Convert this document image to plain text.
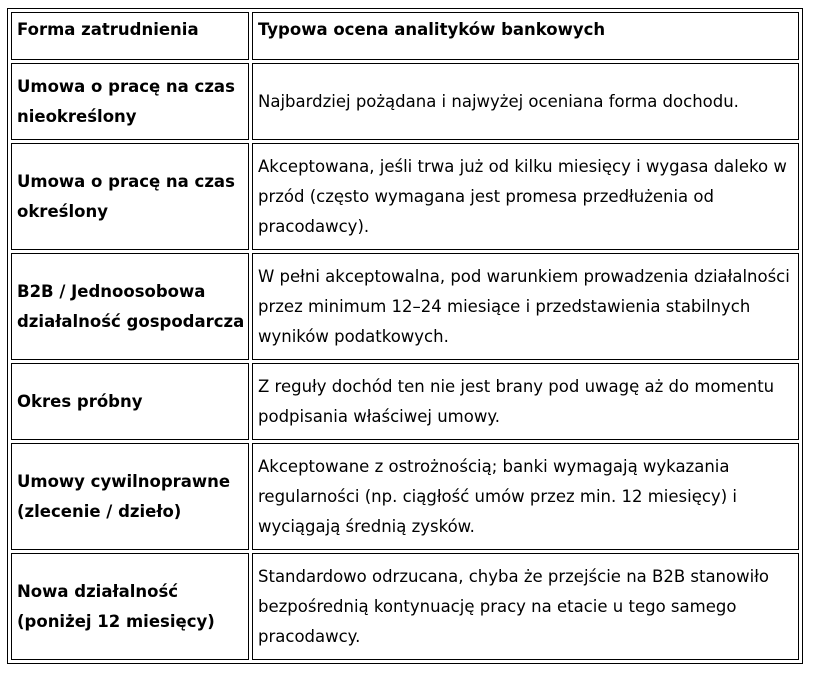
Forma zatrudnienia	Typowa ocena analityków bankowych
Umowa o pracę na czas nieokreślony	Najbardziej pożądana i najwyżej oceniana forma dochodu.
Umowa o pracę na czas określony	Akceptowana, jeśli trwa już od kilku miesięcy i wygasa daleko w przód (często wymagana jest promesa przedłużenia od pracodawcy).
B2B / Jednoosobowa działalność gospodarcza	W pełni akceptowalna, pod warunkiem prowadzenia działalności przez minimum 12–24 miesiące i przedstawienia stabilnych wyników podatkowych.
Okres próbny	Z reguły dochód ten nie jest brany pod uwagę aż do momentu podpisania właściwej umowy.
Umowy cywilnoprawne (zlecenie / dzieło)	Akceptowane z ostrożnością; banki wymagają wykazania regularności (np. ciągłość umów przez min. 12 miesięcy) i wyciągają średnią zysków.
Nowa działalność (poniżej 12 miesięcy)	Standardowo odrzucana, chyba że przejście na B2B stanowiło bezpośrednią kontynuację pracy na etacie u tego samego pracodawcy.
